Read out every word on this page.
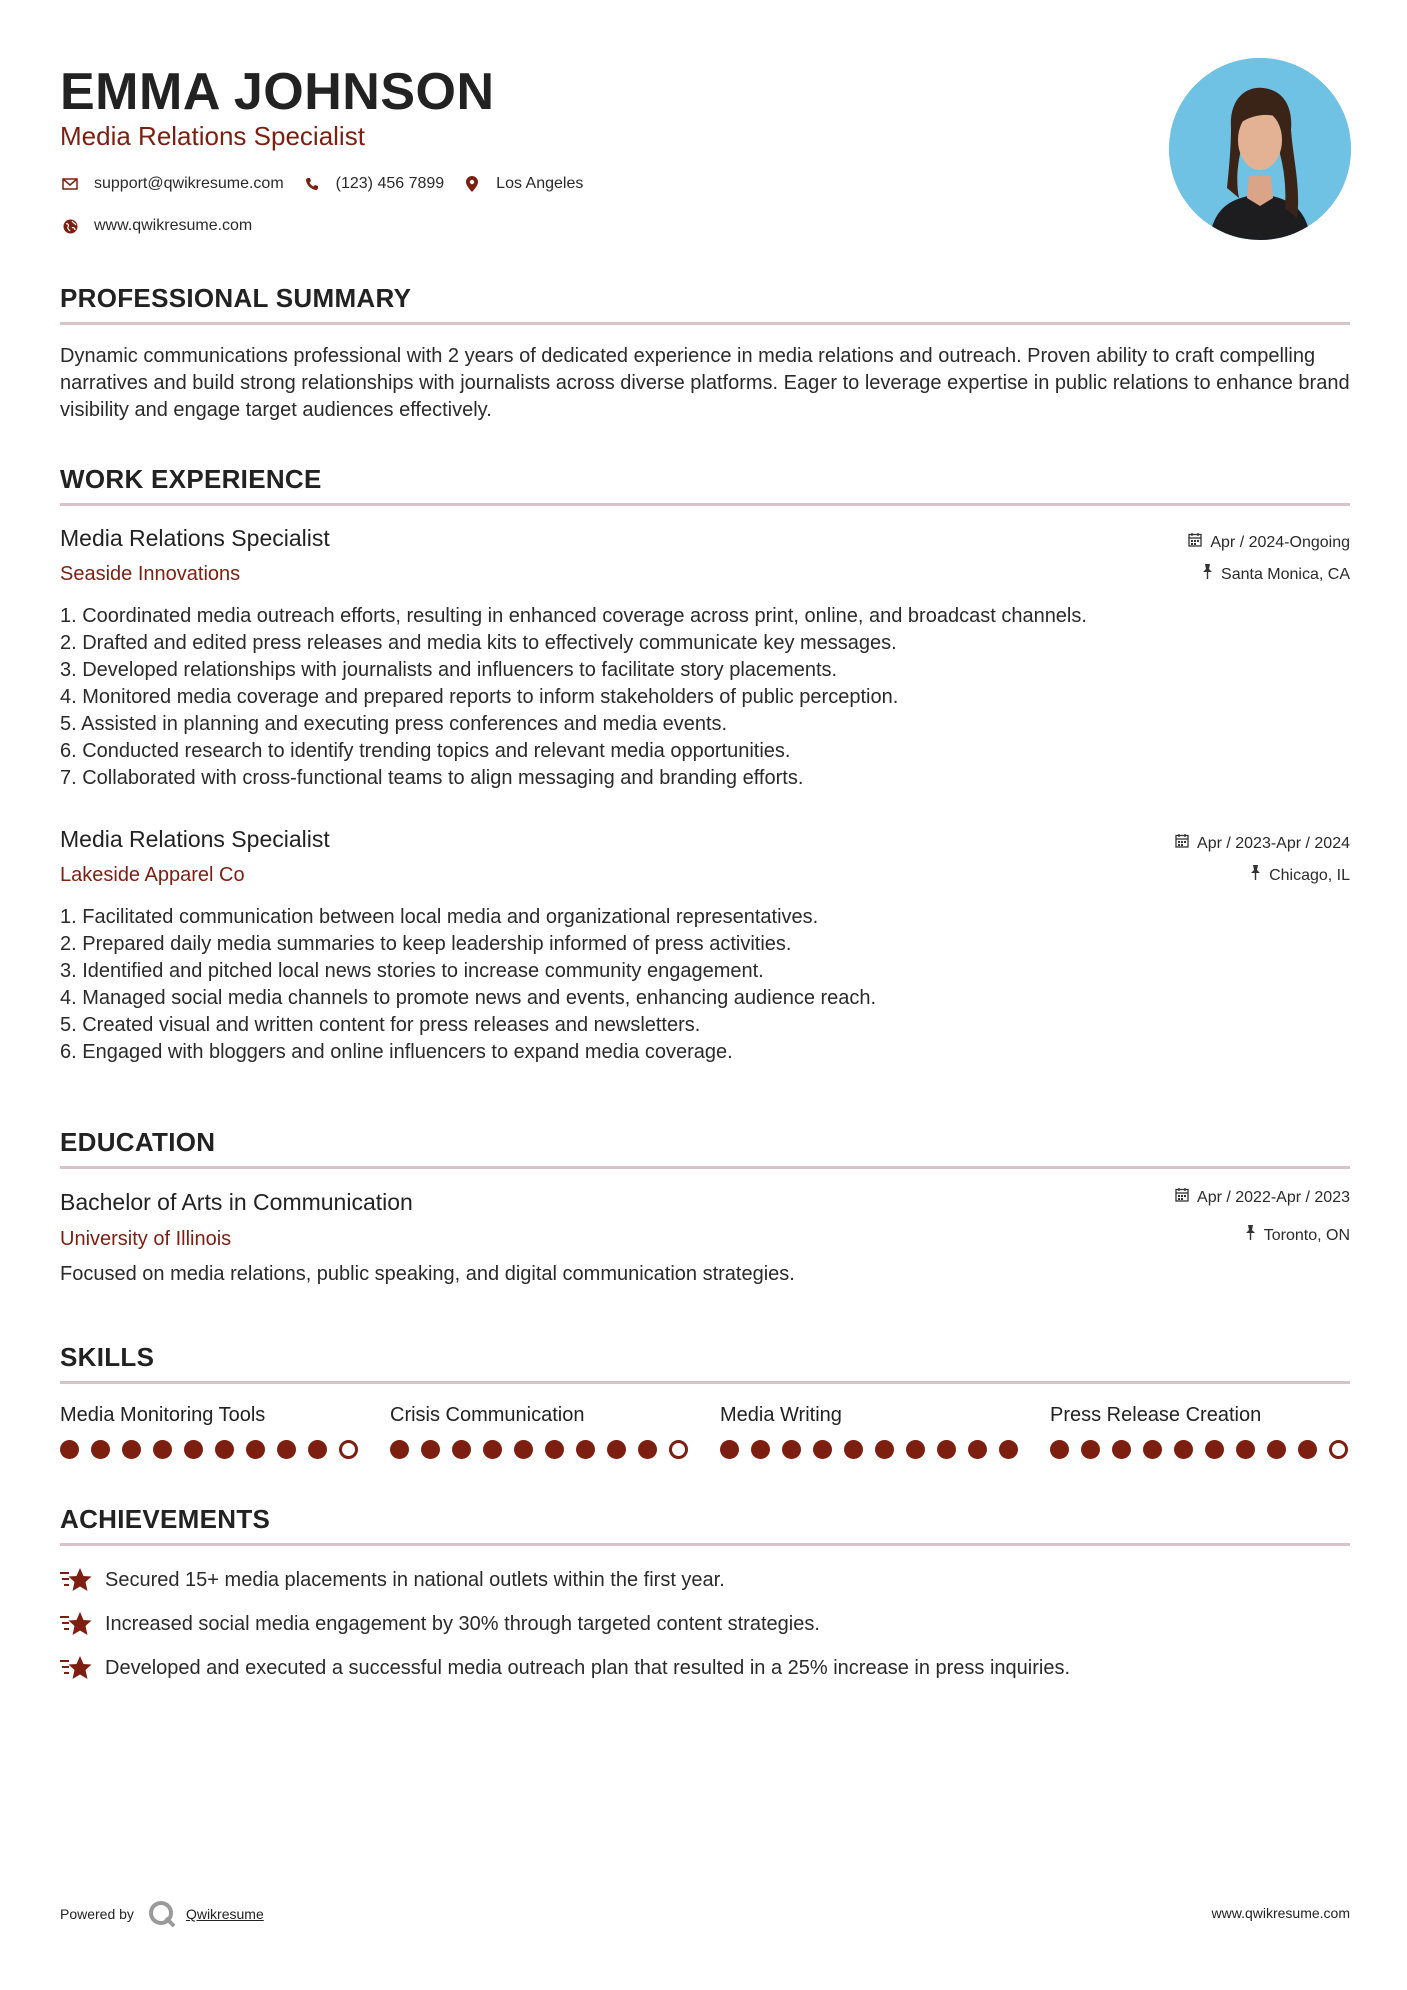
EMMA JOHNSON
Media Relations Specialist
support@qwikresume.com	(123) 456 7899	Los Angeles
www.qwikresume.com
PROFESSIONAL SUMMARY
Dynamic communications professional with 2 years of dedicated experience in media relations and outreach. Proven ability to craft compelling narratives and build strong relationships with journalists across diverse platforms. Eager to leverage expertise in public relations to enhance brand visibility and engage target audiences effectively.
WORK EXPERIENCE
Media Relations Specialist
Seaside Innovations
Apr / 2024-Ongoing
Santa Monica, CA
1. Coordinated media outreach efforts, resulting in enhanced coverage across print, online, and broadcast channels.
2. Drafted and edited press releases and media kits to effectively communicate key messages.
3. Developed relationships with journalists and influencers to facilitate story placements.
4. Monitored media coverage and prepared reports to inform stakeholders of public perception.
5. Assisted in planning and executing press conferences and media events.
6. Conducted research to identify trending topics and relevant media opportunities.
7. Collaborated with cross-functional teams to align messaging and branding efforts.
Media Relations Specialist
Lakeside Apparel Co
Apr / 2023-Apr / 2024
Chicago, IL
1. Facilitated communication between local media and organizational representatives.
2. Prepared daily media summaries to keep leadership informed of press activities.
3. Identified and pitched local news stories to increase community engagement.
4. Managed social media channels to promote news and events, enhancing audience reach.
5. Created visual and written content for press releases and newsletters.
6. Engaged with bloggers and online influencers to expand media coverage.
EDUCATION
Bachelor of Arts in Communication
University of Illinois
Apr / 2022-Apr / 2023
Toronto, ON
Focused on media relations, public speaking, and digital communication strategies.
SKILLS
Media Monitoring Tools	Crisis Communication	Media Writing	Press Release Creation
ACHIEVEMENTS
Secured 15+ media placements in national outlets within the first year.
Increased social media engagement by 30% through targeted content strategies.
Developed and executed a successful media outreach plan that resulted in a 25% increase in press inquiries.
Powered by	Qwikresume	www.qwikresume.com
